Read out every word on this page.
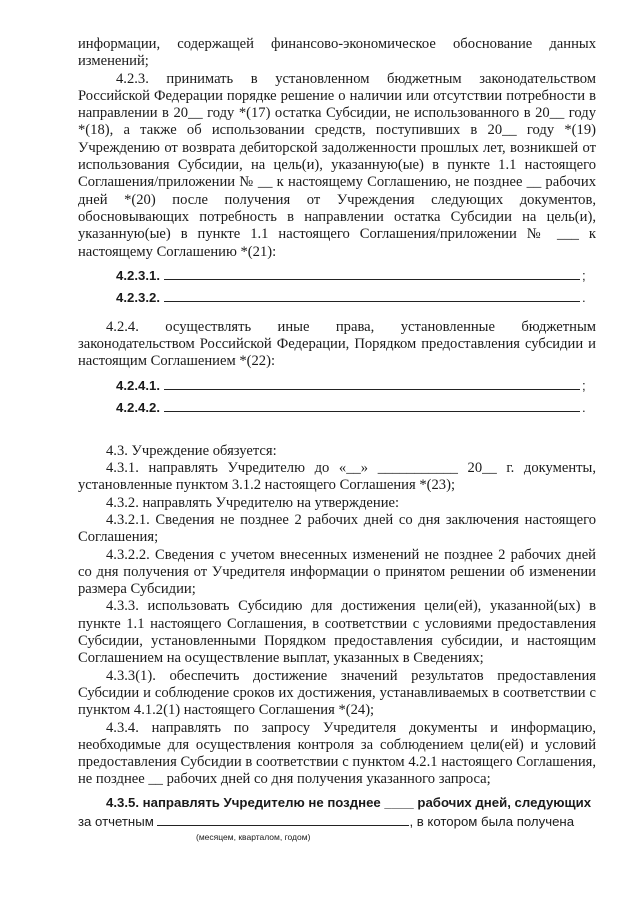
информации, содержащей финансово-экономическое обоснование данных изменений;

4.2.3. принимать в установленном бюджетным законодательством Российской Федерации порядке решение о наличии или отсутствии потребности в направлении в 20__ году *(17) остатка Субсидии, не использованного в 20__ году *(18), а также об использовании средств, поступивших в 20__ году *(19) Учреждению от возврата дебиторской задолженности прошлых лет, возникшей от использования Субсидии, на цель(и), указанную(ые) в пункте 1.1 настоящего Соглашения/приложении № __ к настоящему Соглашению, не позднее __ рабочих дней *(20) после получения от Учреждения следующих документов, обосновывающих потребность в направлении остатка Субсидии на цель(и), указанную(ые) в пункте 1.1 настоящего Соглашения/приложении № ___ к настоящему Соглашению *(21):

4.2.3.1.	;
4.2.3.2.	.

4.2.4. осуществлять иные права, установленные бюджетным законодательством Российской Федерации, Порядком предоставления субсидии и настоящим Соглашением *(22):

4.2.4.1.	;
4.2.4.2.	.

4.3. Учреждение обязуется:

4.3.1. направлять Учредителю до «__» ___________ 20__ г. документы, установленные пунктом 3.1.2 настоящего Соглашения *(23);

4.3.2. направлять Учредителю на утверждение:

4.3.2.1. Сведения не позднее 2 рабочих дней со дня заключения настоящего Соглашения;

4.3.2.2. Сведения с учетом внесенных изменений не позднее 2 рабочих дней со дня получения от Учредителя информации о принятом решении об изменении размера Субсидии;

4.3.3. использовать Субсидию для достижения цели(ей), указанной(ых) в пункте 1.1 настоящего Соглашения, в соответствии с условиями предоставления Субсидии, установленными Порядком предоставления субсидии, и настоящим Соглашением на осуществление выплат, указанных в Сведениях;

4.3.3(1). обеспечить достижение значений результатов предоставления Субсидии и соблюдение сроков их достижения, устанавливаемых в соответствии с пунктом 4.1.2(1) настоящего Соглашения *(24);

4.3.4. направлять по запросу Учредителя документы и информацию, необходимые для осуществления контроля за соблюдением цели(ей) и условий предоставления Субсидии в соответствии с пунктом 4.2.1 настоящего Соглашения, не позднее __ рабочих дней со дня получения указанного запроса;

4.3.5. направлять Учредителю не позднее ____ рабочих дней, следующих
за отчетным	, в котором была получена

(месяцем, кварталом, годом)
